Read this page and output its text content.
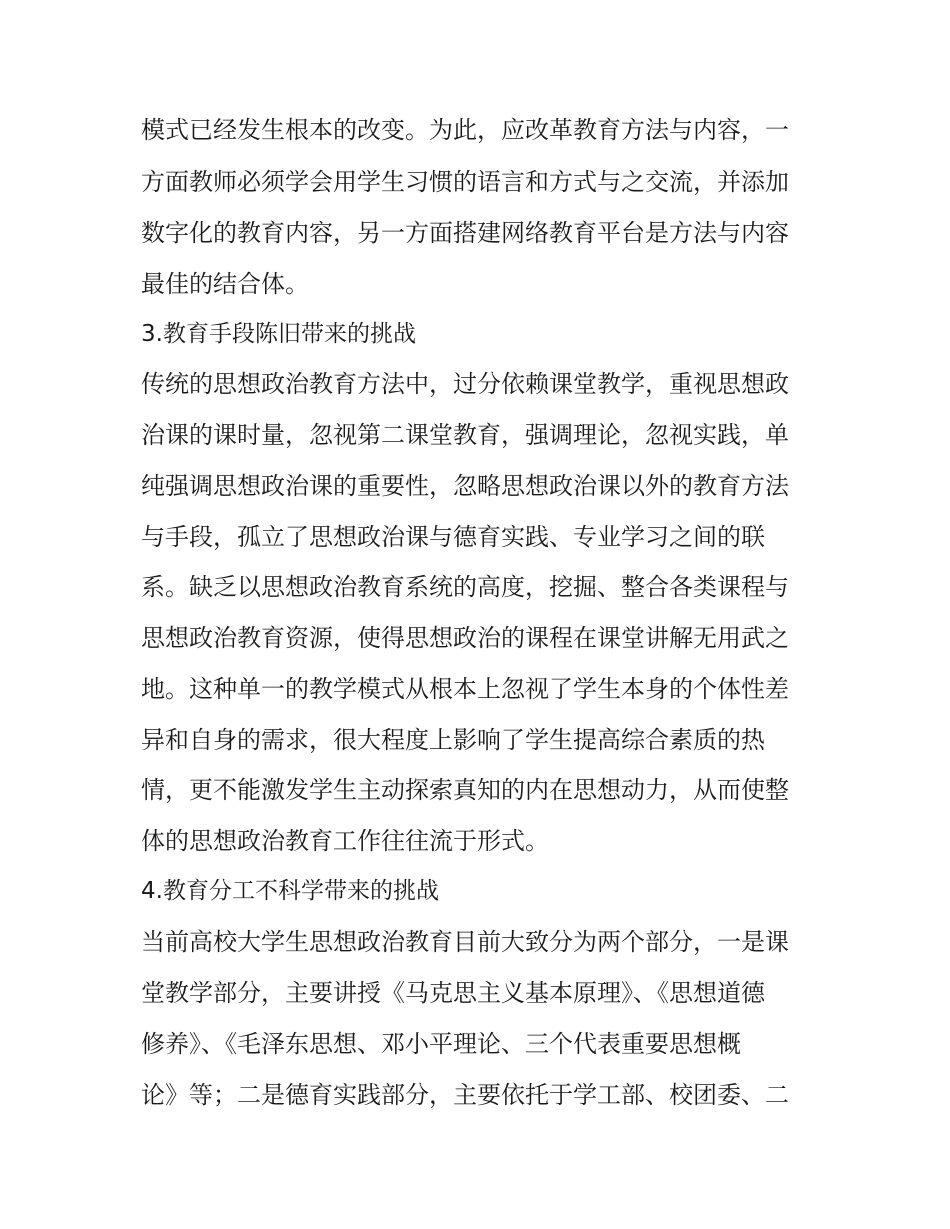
模式已经发生根本的改变。为此，应改革教育方法与内容，一
方面教师必须学会用学生习惯的语言和方式与之交流，并添加
数字化的教育内容，另一方面搭建网络教育平台是方法与内容
最佳的结合体。
3.教育手段陈旧带来的挑战
传统的思想政治教育方法中，过分依赖课堂教学，重视思想政
治课的课时量，忽视第二课堂教育，强调理论，忽视实践，单
纯强调思想政治课的重要性，忽略思想政治课以外的教育方法
与手段，孤立了思想政治课与德育实践、专业学习之间的联
系。缺乏以思想政治教育系统的高度，挖掘、整合各类课程与
思想政治教育资源，使得思想政治的课程在课堂讲解无用武之
地。这种单一的教学模式从根本上忽视了学生本身的个体性差
异和自身的需求，很大程度上影响了学生提高综合素质的热
情，更不能激发学生主动探索真知的内在思想动力，从而使整
体的思想政治教育工作往往流于形式。
4.教育分工不科学带来的挑战
当前高校大学生思想政治教育目前大致分为两个部分，一是课
堂教学部分，主要讲授《马克思主义基本原理》、《思想道德
修养》、《毛泽东思想、邓小平理论、三个代表重要思想概
论》等；二是德育实践部分，主要依托于学工部、校团委、二
